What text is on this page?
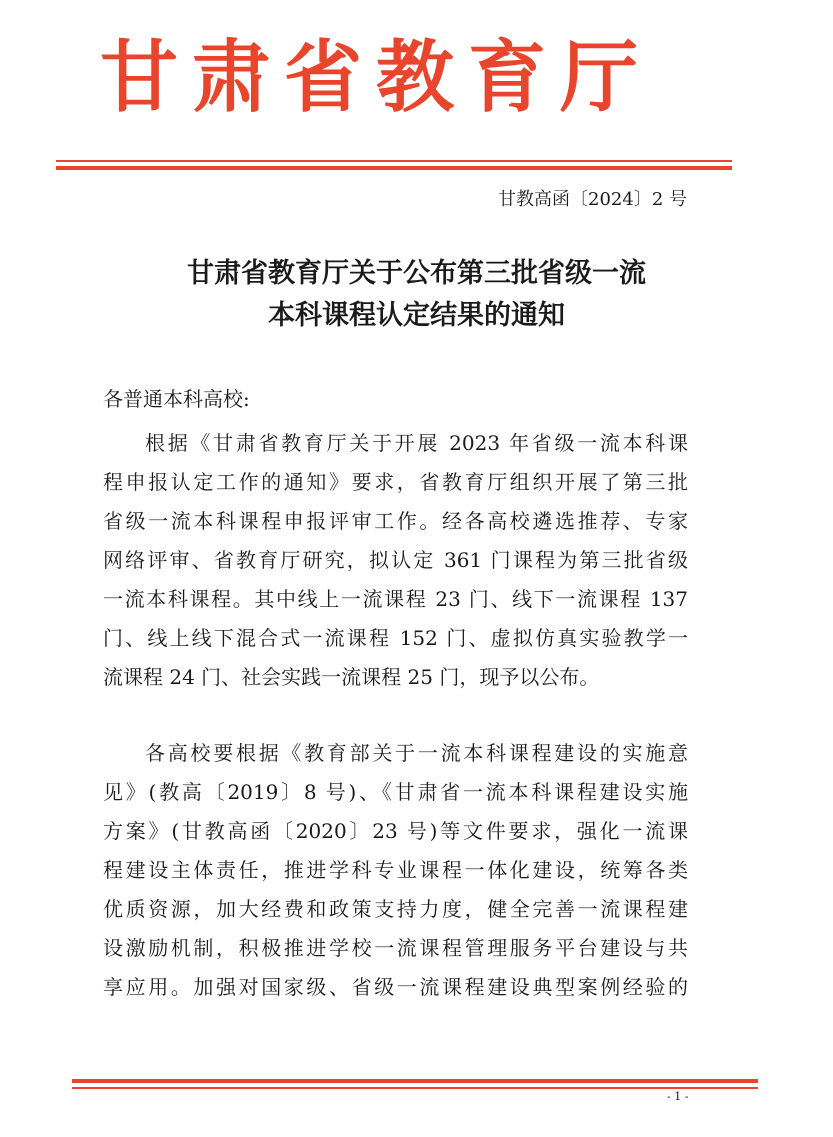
甘肃省教育厅
甘教高函〔2024〕2 号
甘肃省教育厅关于公布第三批省级一流
本科课程认定结果的通知
各普通本科高校:
根据《甘肃省教育厅关于开展 2023 年省级一流本科课
程申报认定工作的通知》要求，省教育厅组织开展了第三批
省级一流本科课程申报评审工作。经各高校遴选推荐、专家
网络评审、省教育厅研究，拟认定 361 门课程为第三批省级
一流本科课程。其中线上一流课程 23 门、线下一流课程 137
门、线上线下混合式一流课程 152 门、虚拟仿真实验教学一
流课程 24 门、社会实践一流课程 25 门，现予以公布。
各高校要根据《教育部关于一流本科课程建设的实施意
见》(教高〔2019〕8 号)、《甘肃省一流本科课程建设实施
方案》(甘教高函〔2020〕23 号)等文件要求，强化一流课
程建设主体责任，推进学科专业课程一体化建设，统筹各类
优质资源，加大经费和政策支持力度，健全完善一流课程建
设激励机制，积极推进学校一流课程管理服务平台建设与共
享应用。加强对国家级、省级一流课程建设典型案例经验的
- 1 -
